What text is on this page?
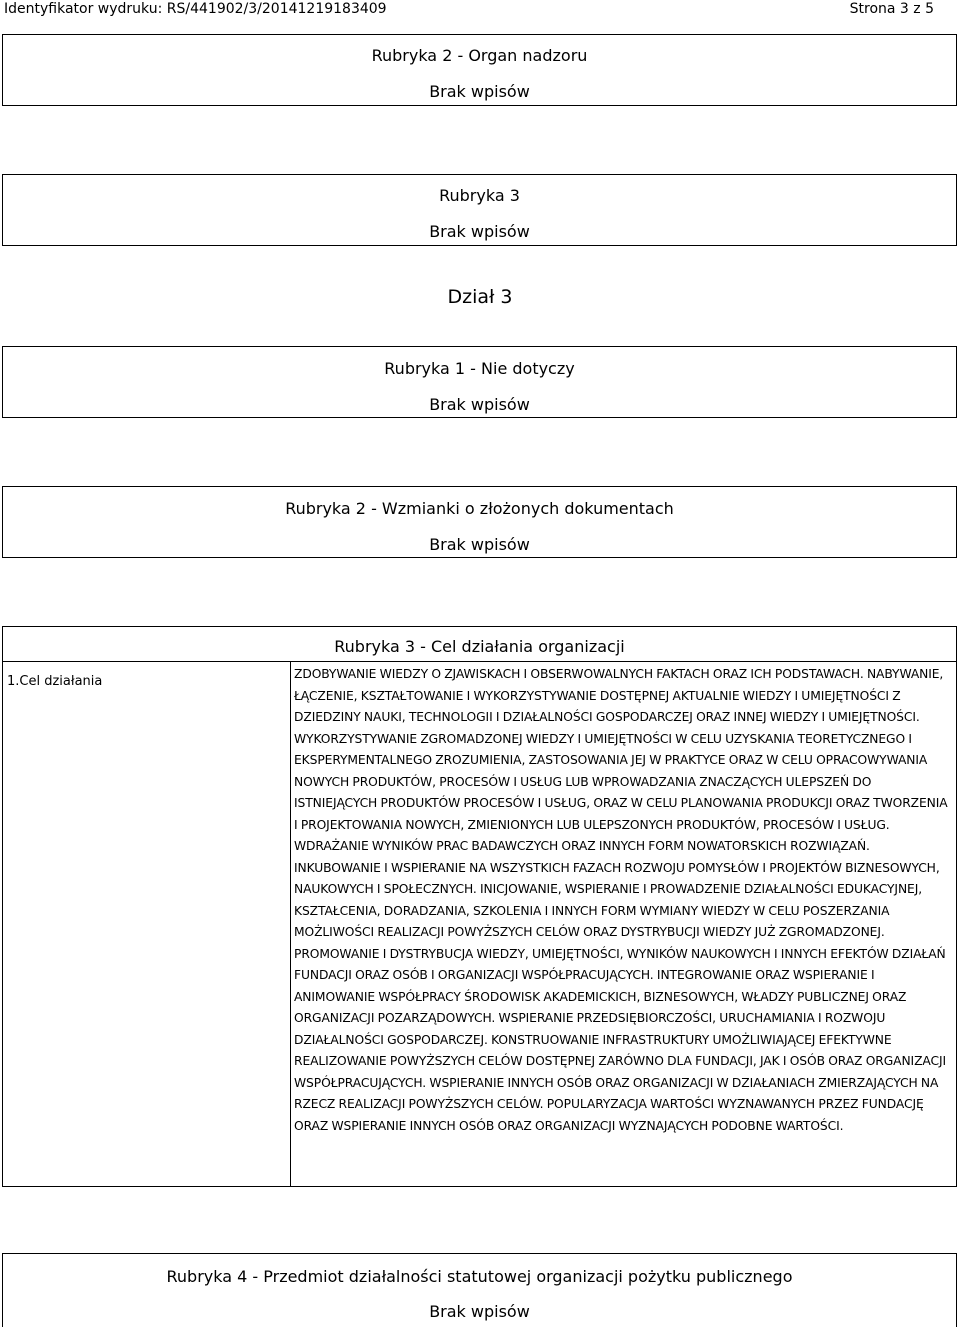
Identyfikator wydruku: RS/441902/3/20141219183409	Strona 3 z 5
Rubryka 2 - Organ nadzoru
Brak wpisów
Rubryka 3
Brak wpisów
Dział 3
Rubryka 1 - Nie dotyczy
Brak wpisów
Rubryka 2 - Wzmianki o złożonych dokumentach
Brak wpisów
Rubryka 3 - Cel działania organizacji
1.Cel działania	ZDOBYWANIE WIEDZY O ZJAWISKACH I OBSERWOWALNYCH FAKTACH ORAZ ICH PODSTAWACH. NABYWANIE, ŁĄCZENIE, KSZTAŁTOWANIE I WYKORZYSTYWANIE DOSTĘPNEJ AKTUALNIE WIEDZY I UMIEJĘTNOŚCI Z DZIEDZINY NAUKI, TECHNOLOGII I DZIAŁALNOŚCI GOSPODARCZEJ ORAZ INNEJ WIEDZY I UMIEJĘTNOŚCI. WYKORZYSTYWANIE ZGROMADZONEJ WIEDZY I UMIEJĘTNOŚCI W CELU UZYSKANIA TEORETYCZNEGO I EKSPERYMENTALNEGO ZROZUMIENIA, ZASTOSOWANIA JEJ W PRAKTYCE ORAZ W CELU OPRACOWYWANIA NOWYCH PRODUKTÓW, PROCESÓW I USŁUG LUB WPROWADZANIA ZNACZĄCYCH ULEPSZEŃ DO ISTNIEJĄCYCH PRODUKTÓW PROCESÓW I USŁUG, ORAZ W CELU PLANOWANIA PRODUKCJI ORAZ TWORZENIA I PROJEKTOWANIA NOWYCH, ZMIENIONYCH LUB ULEPSZONYCH PRODUKTÓW, PROCESÓW I USŁUG. WDRAŻANIE WYNIKÓW PRAC BADAWCZYCH ORAZ INNYCH FORM NOWATORSKICH ROZWIĄZAŃ. INKUBOWANIE I WSPIERANIE NA WSZYSTKICH FAZACH ROZWOJU POMYSŁÓW I PROJEKTÓW BIZNESOWYCH, NAUKOWYCH I SPOŁECZNYCH. INICJOWANIE, WSPIERANIE I PROWADZENIE DZIAŁALNOŚCI EDUKACYJNEJ, KSZTAŁCENIA, DORADZANIA, SZKOLENIA I INNYCH FORM WYMIANY WIEDZY W CELU POSZERZANIA MOŻLIWOŚCI REALIZACJI POWYŻSZYCH CELÓW ORAZ DYSTRYBUCJI WIEDZY JUŻ ZGROMADZONEJ. PROMOWANIE I DYSTRYBUCJA WIEDZY, UMIEJĘTNOŚCI, WYNIKÓW NAUKOWYCH I INNYCH EFEKTÓW DZIAŁAŃ FUNDACJI ORAZ OSÓB I ORGANIZACJI WSPÓŁPRACUJĄCYCH. INTEGROWANIE ORAZ WSPIERANIE I ANIMOWANIE WSPÓŁPRACY ŚRODOWISK AKADEMICKICH, BIZNESOWYCH, WŁADZY PUBLICZNEJ ORAZ ORGANIZACJI POZARZĄDOWYCH. WSPIERANIE PRZEDSIĘBIORCZOŚCI, URUCHAMIANIA I ROZWOJU DZIAŁALNOŚCI GOSPODARCZEJ. KONSTRUOWANIE INFRASTRUKTURY UMOŻLIWIAJĄCEJ EFEKTYWNE REALIZOWANIE POWYŻSZYCH CELÓW DOSTĘPNEJ ZARÓWNO DLA FUNDACJI, JAK I OSÓB ORAZ ORGANIZACJI WSPÓŁPRACUJĄCYCH. WSPIERANIE INNYCH OSÓB ORAZ ORGANIZACJI W DZIAŁANIACH ZMIERZAJĄCYCH NA RZECZ REALIZACJI POWYŻSZYCH CELÓW. POPULARYZACJA WARTOŚCI WYZNAWANYCH PRZEZ FUNDACJĘ ORAZ WSPIERANIE INNYCH OSÓB ORAZ ORGANIZACJI WYZNAJĄCYCH PODOBNE WARTOŚCI.
Rubryka 4 - Przedmiot działalności statutowej organizacji pożytku publicznego
Brak wpisów
